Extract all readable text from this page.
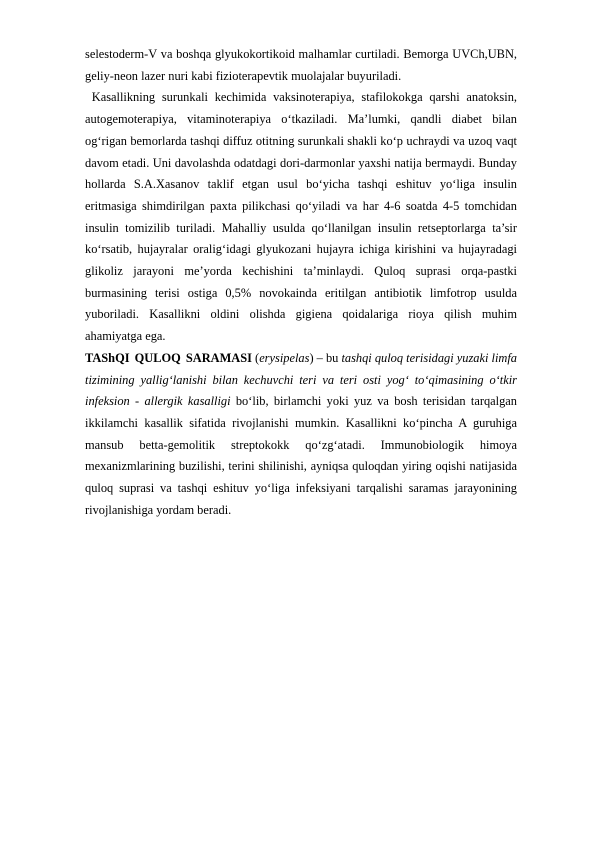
selestoderm-V va boshqa glyukokortikoid malhamlar curtiladi. Bemorga UVCh,UBN, geliy-neon lazer nuri kabi fizioterapevtik muolajalar buyuriladi.

Kasallikning surunkali kechimida vaksinoterapiya, stafilokokga qarshi anatoksin, autogemoterapiya, vitaminoterapiya o‘tkaziladi. Ma’lumki, qandli diabet bilan og‘rigan bemorlarda tashqi diffuz otitning surunkali shakli ko‘p uchraydi va uzoq vaqt davom etadi. Uni davolashda odatdagi dori-darmonlar yaxshi natija bermaydi. Bunday hollarda S.A.Xasanov taklif etgan usul bo‘yicha tashqi eshituv yo‘liga insulin eritmasiga shimdirilgan paxta pilikchasi qo‘yiladi va har 4-6 soatda 4-5 tomchidan insulin tomizilib turiladi. Mahalliy usulda qo‘llanilgan insulin retseptorlarga ta’sir ko‘rsatib, hujayralar oralig‘idagi glyukozani hujayra ichiga kirishini va hujayradagi glikoliz jarayoni me’yorda kechishini ta’minlaydi. Quloq suprasi orqa-pastki burmasining terisi ostiga 0,5% novokainda eritilgan antibiotik limfotrop usulda yuboriladi. Kasallikni oldini olishda gigiena qoidalariga rioya qilish muhim ahamiyatga ega.

TAShQI QULOQ SARAMASI (erysipelas) – bu tashqi quloq terisidagi yuzaki limfa tizimining yallig‘lanishi bilan kechuvchi teri va teri osti yog‘ to‘qimasining o‘tkir infeksion - allergik kasalligi bo‘lib, birlamchi yoki yuz va bosh terisidan tarqalgan ikkilamchi kasallik sifatida rivojlanishi mumkin. Kasallikni ko‘pincha A guruhiga mansub betta-gemolitik streptokokk qo‘zg‘atadi. Immunobiologik himoya mexanizmlarining buzilishi, terini shilinishi, ayniqsa quloqdan yiring oqishi natijasida quloq suprasi va tashqi eshituv yo‘liga infeksiyani tarqalishi saramas jarayonining rivojlanishiga yordam beradi.
